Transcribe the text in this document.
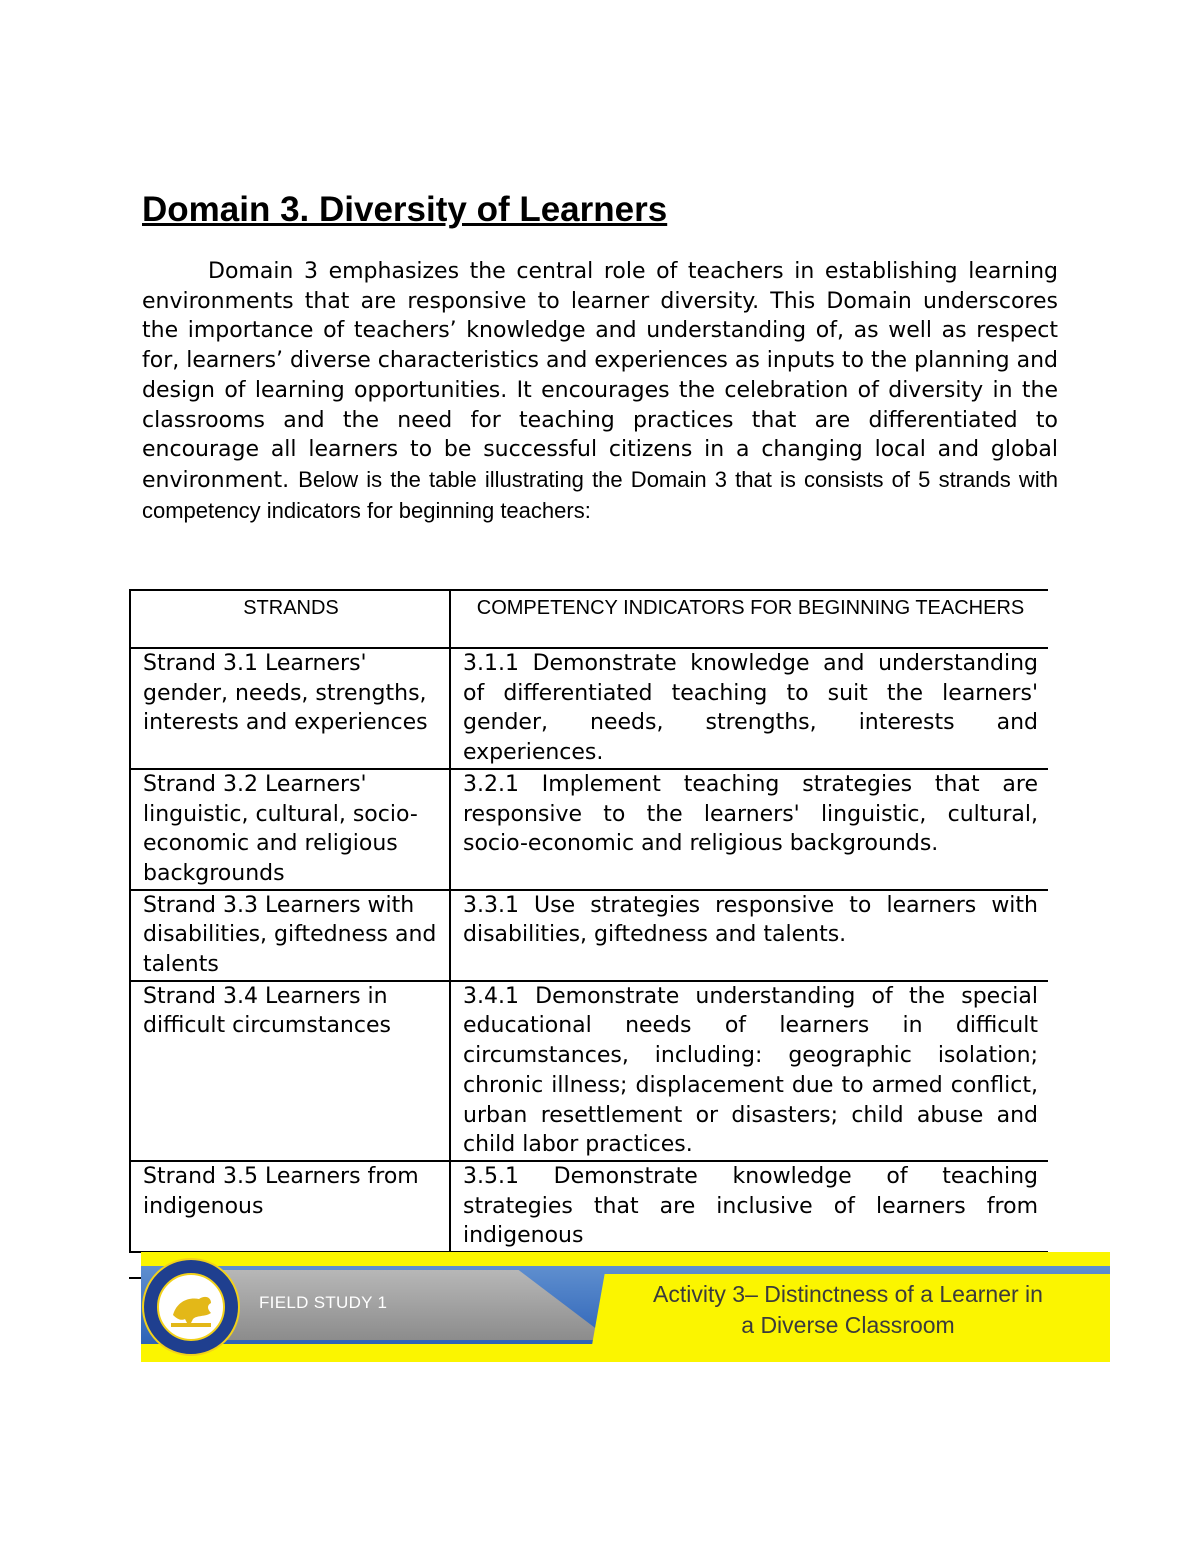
Domain 3. Diversity of Learners

   Domain 3 emphasizes the central role of teachers in establishing learning environments that are responsive to learner diversity. This Domain underscores the importance of teachers’ knowledge and understanding of, as well as respect for, learners’ diverse characteristics and experiences as inputs to the planning and design of learning opportunities. It encourages the celebration of diversity in the classrooms and the need for teaching practices that are differentiated to encourage all learners to be successful citizens in a changing local and global environment. Below is the table illustrating the Domain 3 that is consists of 5 strands with competency indicators for beginning teachers:

STRANDS	COMPETENCY INDICATORS FOR BEGINNING TEACHERS
Strand 3.1 Learners' gender, needs, strengths, interests and experiences	3.1.1 Demonstrate knowledge and understanding of differentiated teaching to suit the learners' gender, needs, strengths, interests and experiences.
Strand 3.2 Learners' linguistic, cultural, socio-economic and religious backgrounds	3.2.1 Implement teaching strategies that are responsive to the learners' linguistic, cultural, socio-economic and religious backgrounds.
Strand 3.3 Learners with disabilities, giftedness and talents	3.3.1 Use strategies responsive to learners with disabilities, giftedness and talents.
Strand 3.4 Learners in difficult circumstances	3.4.1 Demonstrate understanding of the special educational needs of learners in difficult circumstances, including: geographic isolation; chronic illness; displacement due to armed conflict, urban resettlement or disasters; child abuse and child labor practices.
Strand 3.5 Learners from indigenous	3.5.1 Demonstrate knowledge of teaching strategies that are inclusive of learners from indigenous
FIELD STUDY 1	Activity 3– Distinctness of a Learner in
a Diverse Classroom
